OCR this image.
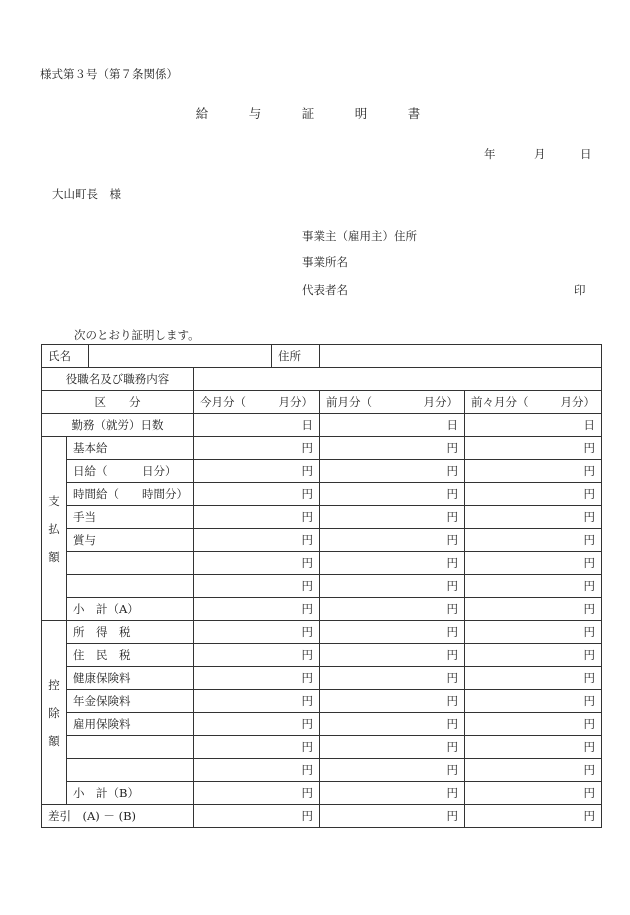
様式第３号（第７条関係）
給　与　証　明　書
年	月	日
大山町長　様
事業主（雇用主）住所
事業所名
代表者名	印
次のとおり証明します。
氏名				住所		
役職名及び職務内容						
区　　分			今月分（ 月分）		前月分（ 月分）	前々月分（ 月分）

勤務（就労）日数			日		日	日

支
払
額	基本給		円		円	円
	日給（　　　日分）		円		円	円
	時間給（　　時間分）		円		円	円
	手当		円		円	円
	賞与		円		円	円
			円		円	円
			円		円	円
	小　計（A）		円		円	円

控
除
額	所　得　税		円		円	円
	住　民　税		円		円	円
	健康保険料		円		円	円
	年金保険料		円		円	円
	雇用保険料		円		円	円
			円		円	円
			円		円	円
	小　計（B）		円		円	円
差引　(A) － (B)			円		円	円
